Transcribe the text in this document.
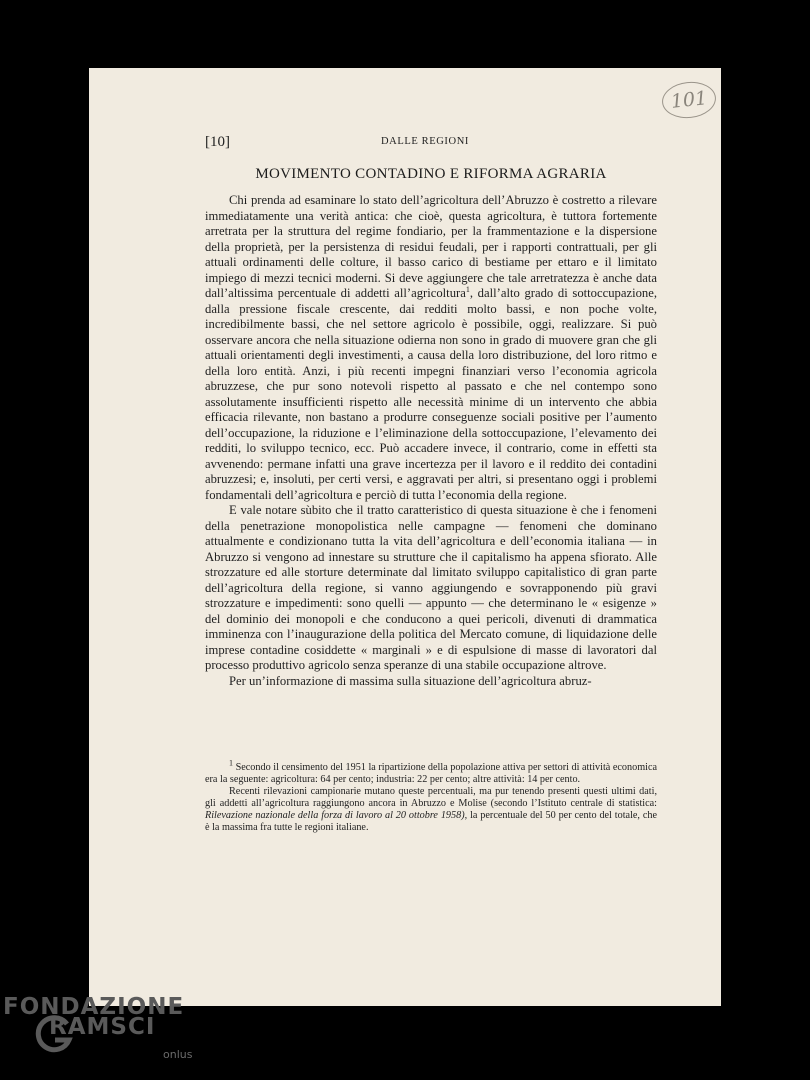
101
[10]	DALLE REGIONI
MOVIMENTO CONTADINO E RIFORMA AGRARIA

Chi prenda ad esaminare lo stato dell’agricoltura dell’Abruzzo è costretto a rilevare immediatamente una verità antica: che cioè, questa agricoltura, è tuttora fortemente arretrata per la struttura del regime fondiario, per la frammentazione e la dispersione della proprietà, per la persistenza di residui feudali, per i rapporti contrattuali, per gli attuali ordinamenti delle colture, il basso carico di bestiame per ettaro e il limitato impiego di mezzi tecnici moderni. Si deve aggiungere che tale arretratezza è anche data dall’altissima percentuale di addetti all’agricoltura$^1$, dall’alto grado di sottoccupazione, dalla pressione fiscale crescente, dai redditi molto bassi, e non poche volte, incredibilmente bassi, che nel settore agricolo è possibile, oggi, realizzare. Si può osservare ancora che nella situazione odierna non sono in grado di muovere gran che gli attuali orientamenti degli investimenti, a causa della loro distribuzione, del loro ritmo e della loro entità. Anzi, i più recenti impegni finanziari verso l’economia agricola abruzzese, che pur sono notevoli rispetto al passato e che nel contempo sono assolutamente insufficienti rispetto alle necessità minime di un intervento che abbia efficacia rilevante, non bastano a produrre conseguenze sociali positive per l’aumento dell’occupazione, la riduzione e l’eliminazione della sottoccupazione, l’elevamento dei redditi, lo sviluppo tecnico, ecc. Può accadere invece, il contrario, come in effetti sta avvenendo: permane infatti una grave incertezza per il lavoro e il reddito dei contadini abruzzesi; e, insoluti, per certi versi, e aggravati per altri, si presentano oggi i problemi fondamentali dell’agricoltura e perciò di tutta l’economia della regione.

E vale notare sùbito che il tratto caratteristico di questa situazione è che i fenomeni della penetrazione monopolistica nelle campagne — fenomeni che dominano attualmente e condizionano tutta la vita dell’agricoltura e dell’economia italiana — in Abruzzo si vengono ad innestare su strutture che il capitalismo ha appena sfiorato. Alle strozzature ed alle storture determinate dal limitato sviluppo capitalistico di gran parte dell’agricoltura della regione, si vanno aggiungendo e sovrapponendo più gravi strozzature e impedimenti: sono quelli — appunto — che determinano le « esigenze » del dominio dei monopoli e che conducono a quei pericoli, divenuti di drammatica imminenza con l’inaugurazione della politica del Mercato comune, di liquidazione delle imprese contadine cosiddette « marginali » e di espulsione di masse di lavoratori dal processo produttivo agricolo senza speranze di una stabile occupazione altrove.

Per un’informazione di massima sulla situazione dell’agricoltura abruz-

$^1$ Secondo il censimento del 1951 la ripartizione della popolazione attiva per settori di attività economica era la seguente: agricoltura: 64 per cento; industria: 22 per cento; altre attività: 14 per cento.

Recenti rilevazioni campionarie mutano queste percentuali, ma pur tenendo presenti questi ultimi dati, gli addetti all’agricoltura raggiungono ancora in Abruzzo e Molise (secondo l’Istituto centrale di statistica: Rilevazione nazionale della forza di lavoro al 20 ottobre 1958), la percentuale del 50 per cento del totale, che è la massima fra tutte le regioni italiane.

FONDAZIONE
RAMSCI
onlus
